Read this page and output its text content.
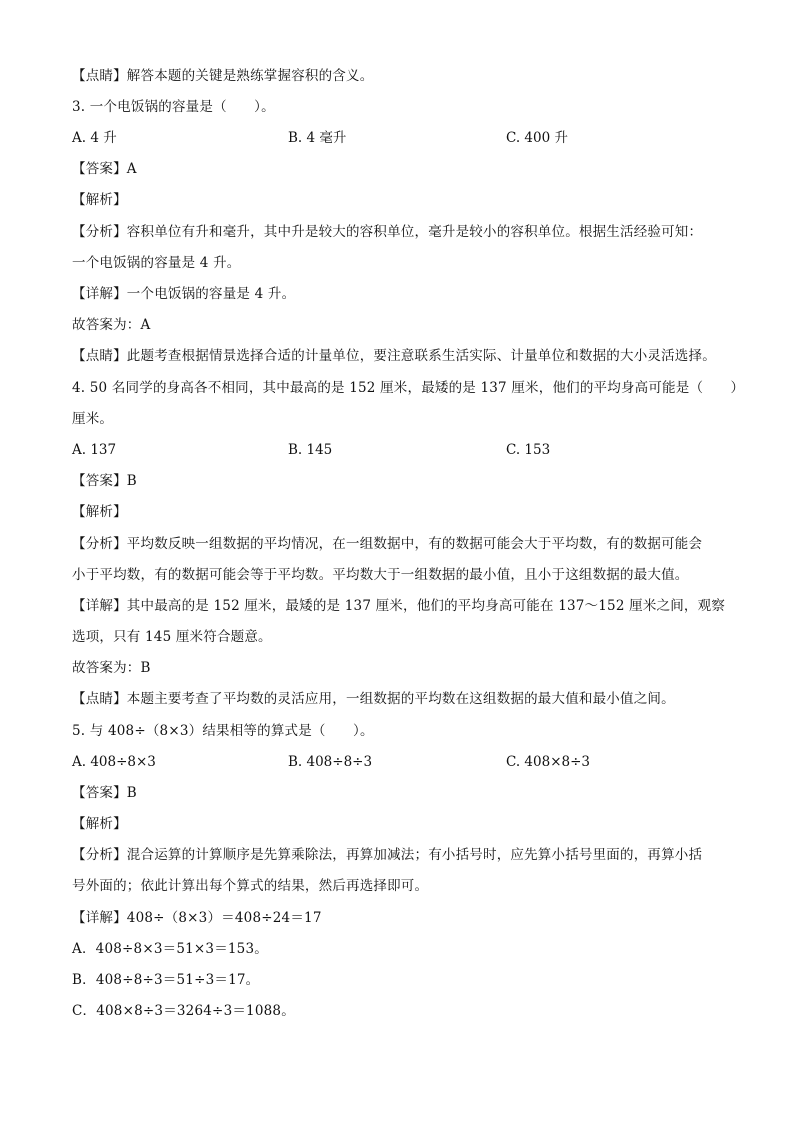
【点睛】解答本题的关键是熟练掌握容积的含义。
3. 一个电饭锅的容量是（　　）。
A. 4 升	B. 4 毫升	C. 400 升
【答案】A
【解析】
【分析】容积单位有升和毫升，其中升是较大的容积单位，毫升是较小的容积单位。根据生活经验可知：
一个电饭锅的容量是 4 升。
【详解】一个电饭锅的容量是 4 升。
故答案为：A
【点睛】此题考查根据情景选择合适的计量单位，要注意联系生活实际、计量单位和数据的大小灵活选择。
4. 50 名同学的身高各不相同，其中最高的是 152 厘米，最矮的是 137 厘米，他们的平均身高可能是（　　）
厘米。
A. 137	B. 145	C. 153
【答案】B
【解析】
【分析】平均数反映一组数据的平均情况，在一组数据中，有的数据可能会大于平均数，有的数据可能会
小于平均数，有的数据可能会等于平均数。平均数大于一组数据的最小值，且小于这组数据的最大值。
【详解】其中最高的是 152 厘米，最矮的是 137 厘米，他们的平均身高可能在 137～152 厘米之间，观察
选项，只有 145 厘米符合题意。
故答案为：B
【点睛】本题主要考查了平均数的灵活应用，一组数据的平均数在这组数据的最大值和最小值之间。
5. 与 408÷（8×3）结果相等的算式是（　　）。
A. 408÷8×3	B. 408÷8÷3	C. 408×8÷3
【答案】B
【解析】
【分析】混合运算的计算顺序是先算乘除法，再算加减法；有小括号时，应先算小括号里面的，再算小括
号外面的；依此计算出每个算式的结果，然后再选择即可。
【详解】408÷（8×3）＝408÷24＝17
A．408÷8×3＝51×3＝153。
B．408÷8÷3＝51÷3＝17。
C．408×8÷3＝3264÷3＝1088。
